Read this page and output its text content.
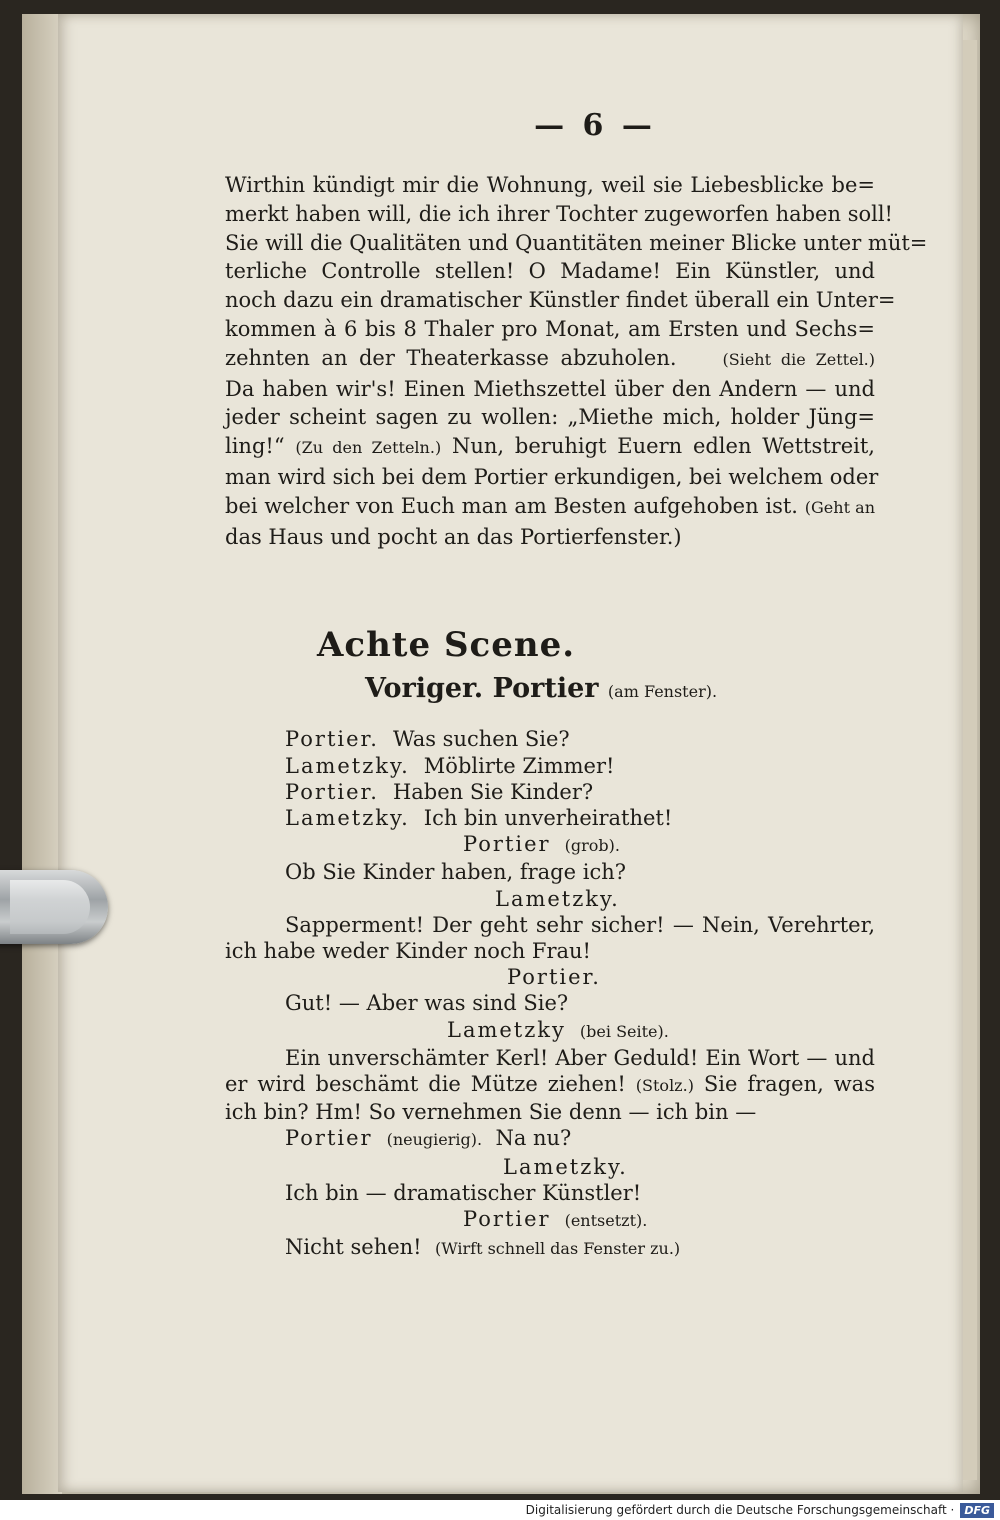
— 6 —

Wirthin kündigt mir die Wohnung, weil sie Liebesblicke be=

merkt haben will, die ich ihrer Tochter zugeworfen haben soll!

Sie will die Qualitäten und Quantitäten meiner Blicke unter müt=

terliche Controlle stellen! O Madame! Ein Künstler, und

noch dazu ein dramatischer Künstler findet überall ein Unter=

kommen à 6 bis 8 Thaler pro Monat, am Ersten und Sechs=

zehnten an der Theaterkasse abzuholen.	(Sieht die Zettel.)

Da haben wir's! Einen Miethszettel über den Andern — und

jeder scheint sagen zu wollen: „Miethe mich, holder Jüng=

ling!“ (Zu den Zetteln.) Nun, beruhigt Euern edlen Wettstreit,

man wird sich bei dem Portier erkundigen, bei welchem oder

bei welcher von Euch man am Besten aufgehoben ist. (Geht an

das Haus und pocht an das Portierfenster.)

Achte Scene.
Voriger. Portier (am Fenster).
Portier. Was suchen Sie?
Lametzky. Möblirte Zimmer!
Portier. Haben Sie Kinder?
Lametzky. Ich bin unverheirathet!
Portier (grob).
Ob Sie Kinder haben, frage ich?
Lametzky.
Sapperment! Der geht sehr sicher! — Nein, Verehrter,
ich habe weder Kinder noch Frau!
Portier.
Gut! — Aber was sind Sie?
Lametzky (bei Seite).
Ein unverschämter Kerl! Aber Geduld! Ein Wort — und
er wird beschämt die Mütze ziehen! (Stolz.) Sie fragen, was
ich bin? Hm! So vernehmen Sie denn — ich bin —
Portier (neugierig). Na nu?
Lametzky.
Ich bin — dramatischer Künstler!
Portier (entsetzt).
Nicht sehen! (Wirft schnell das Fenster zu.)
Digitalisierung gefördert durch die Deutsche Forschungsgemeinschaft · DFG
